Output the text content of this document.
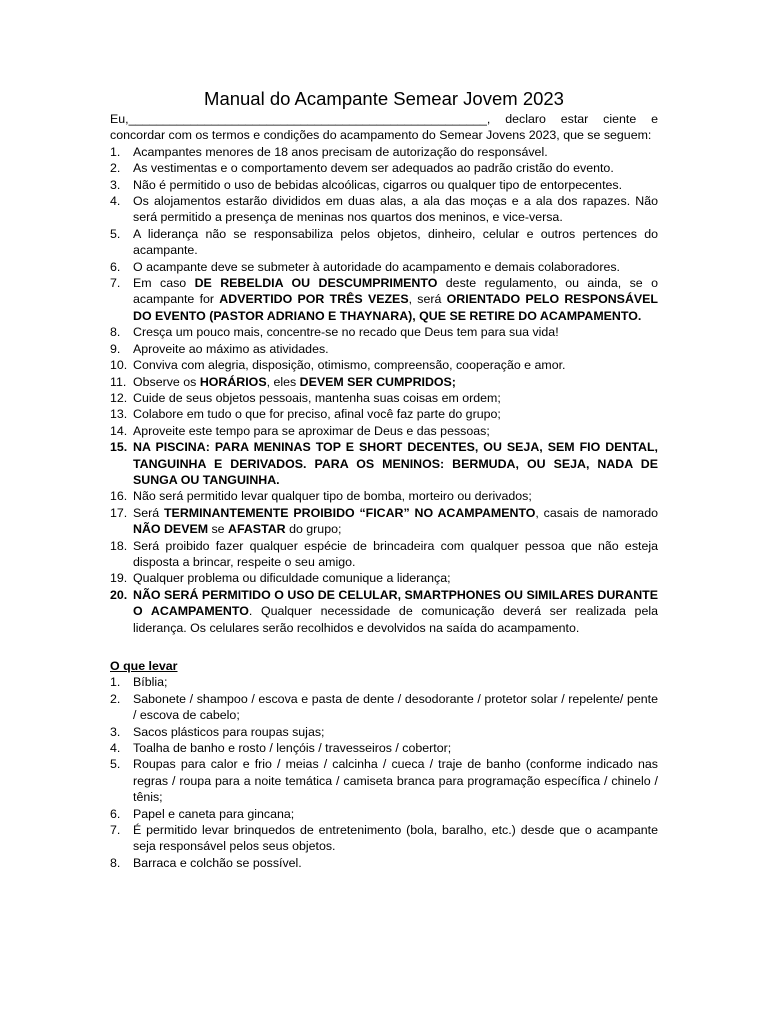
Manual do Acampante Semear Jovem 2023

Eu,____________________________________________________, declaro estar ciente e concordar com os termos e condições do acampamento do Semear Jovens 2023, que se seguem:

1. Acampantes menores de 18 anos precisam de autorização do responsável.
2. As vestimentas e o comportamento devem ser adequados ao padrão cristão do evento.
3. Não é permitido o uso de bebidas alcoólicas, cigarros ou qualquer tipo de entorpecentes.
4. Os alojamentos estarão divididos em duas alas, a ala das moças e a ala dos rapazes. Não será permitido a presença de meninas nos quartos dos meninos, e vice-versa.
5. A liderança não se responsabiliza pelos objetos, dinheiro, celular e outros pertences do acampante.
6. O acampante deve se submeter à autoridade do acampamento e demais colaboradores.
7. Em caso DE REBELDIA OU DESCUMPRIMENTO deste regulamento, ou ainda, se o acampante for ADVERTIDO POR TRÊS VEZES, será ORIENTADO PELO RESPONSÁVEL DO EVENTO (PASTOR ADRIANO E THAYNARA), QUE SE RETIRE DO ACAMPAMENTO.
8. Cresça um pouco mais, concentre-se no recado que Deus tem para sua vida!
9. Aproveite ao máximo as atividades.
10. Conviva com alegria, disposição, otimismo, compreensão, cooperação e amor.
11. Observe os HORÁRIOS, eles DEVEM SER CUMPRIDOS;
12. Cuide de seus objetos pessoais, mantenha suas coisas em ordem;
13. Colabore em tudo o que for preciso, afinal você faz parte do grupo;
14. Aproveite este tempo para se aproximar de Deus e das pessoas;
15. NA PISCINA: PARA MENINAS TOP E SHORT DECENTES, OU SEJA, SEM FIO DENTAL, TANGUINHA E DERIVADOS. PARA OS MENINOS: BERMUDA, OU SEJA, NADA DE SUNGA OU TANGUINHA.
16. Não será permitido levar qualquer tipo de bomba, morteiro ou derivados;
17. Será TERMINANTEMENTE PROIBIDO “FICAR” NO ACAMPAMENTO, casais de namorado NÃO DEVEM se AFASTAR do grupo;
18. Será proibido fazer qualquer espécie de brincadeira com qualquer pessoa que não esteja disposta a brincar, respeite o seu amigo.
19. Qualquer problema ou dificuldade comunique a liderança;
20. NÃO SERÁ PERMITIDO O USO DE CELULAR, SMARTPHONES OU SIMILARES DURANTE O ACAMPAMENTO. Qualquer necessidade de comunicação deverá ser realizada pela liderança. Os celulares serão recolhidos e devolvidos na saída do acampamento.
O que levar
1. Bíblia;
2. Sabonete / shampoo / escova e pasta de dente / desodorante / protetor solar / repelente/ pente / escova de cabelo;
3. Sacos plásticos para roupas sujas;
4. Toalha de banho e rosto / lençóis / travesseiros / cobertor;
5. Roupas para calor e frio / meias / calcinha / cueca / traje de banho (conforme indicado nas regras / roupa para a noite temática / camiseta branca para programação específica / chinelo / tênis;
6. Papel e caneta para gincana;
7. É permitido levar brinquedos de entretenimento (bola, baralho, etc.) desde que o acampante seja responsável pelos seus objetos.
8. Barraca e colchão se possível.
